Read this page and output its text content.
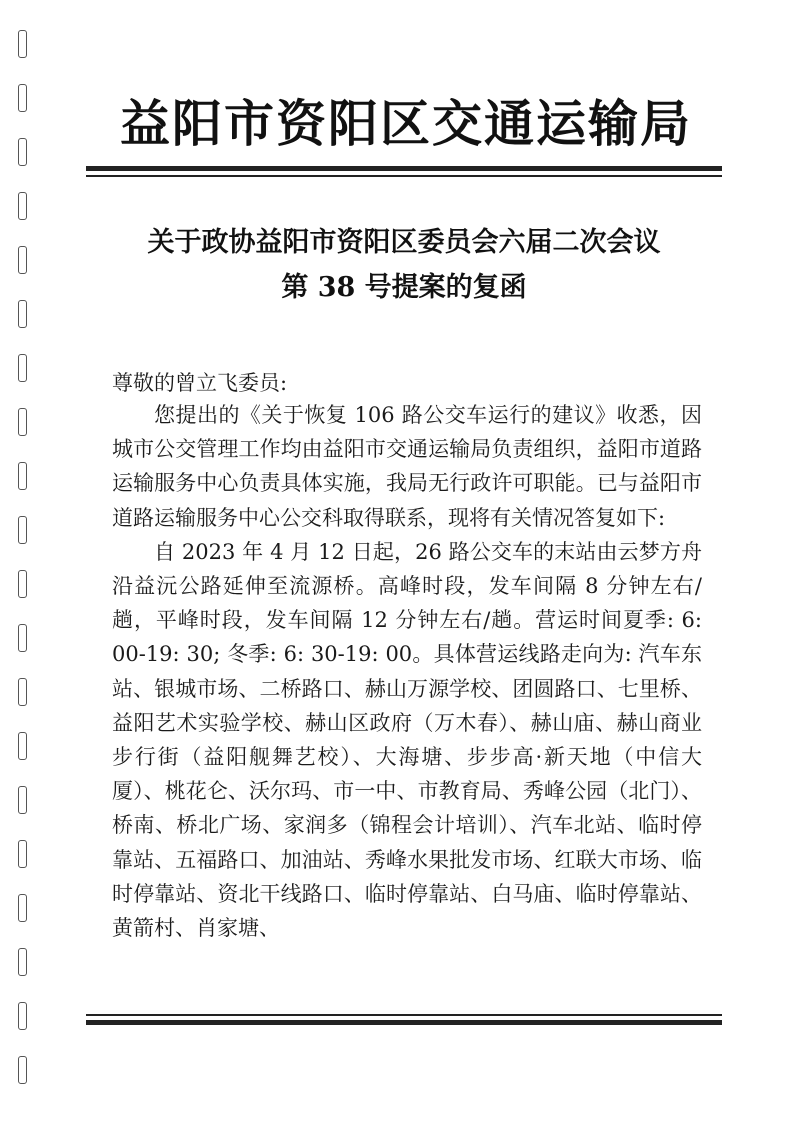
益阳市资阳区交通运输局
关于政协益阳市资阳区委员会六届二次会议
第 38 号提案的复函
尊敬的曾立飞委员:

您提出的《关于恢复 106 路公交车运行的建议》收悉，因城市公交管理工作均由益阳市交通运输局负责组织，益阳市道路运输服务中心负责具体实施，我局无行政许可职能。已与益阳市道路运输服务中心公交科取得联系，现将有关情况答复如下:

自 2023 年 4 月 12 日起，26 路公交车的末站由云梦方舟沿益沅公路延伸至流源桥。高峰时段，发车间隔 8 分钟左右/趟，平峰时段，发车间隔 12 分钟左右/趟。营运时间夏季: 6: 00-19: 30; 冬季: 6: 30-19: 00。具体营运线路走向为: 汽车东站、银城市场、二桥路口、赫山万源学校、团圆路口、七里桥、益阳艺术实验学校、赫山区政府（万木春）、赫山庙、赫山商业步行街（益阳舰舞艺校）、大海塘、步步高·新天地（中信大厦）、桃花仑、沃尔玛、市一中、市教育局、秀峰公园（北门）、桥南、桥北广场、家润多（锦程会计培训）、汽车北站、临时停靠站、五福路口、加油站、秀峰水果批发市场、红联大市场、临时停靠站、资北干线路口、临时停靠站、白马庙、临时停靠站、黄箭村、肖家塘、
